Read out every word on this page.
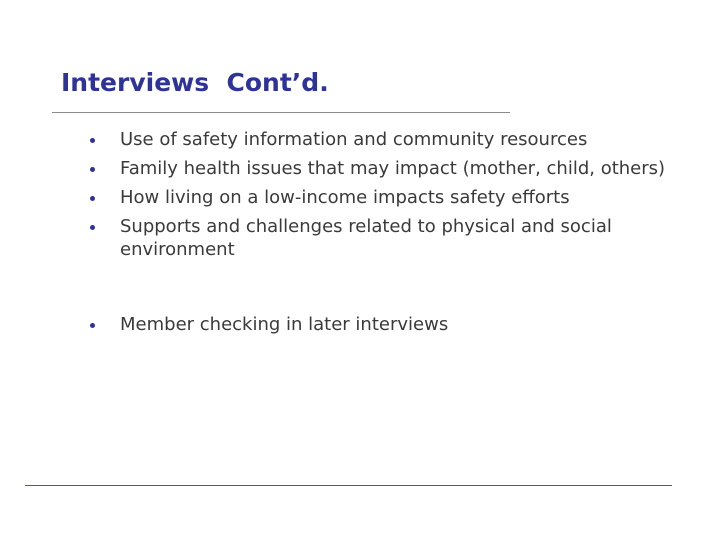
Interviews  Cont’d.
Use of safety information and community resources
Family health issues that may impact (mother, child, others)
How living on a low-income impacts safety efforts
Supports and challenges related to physical and social environment
Member checking in later interviews
